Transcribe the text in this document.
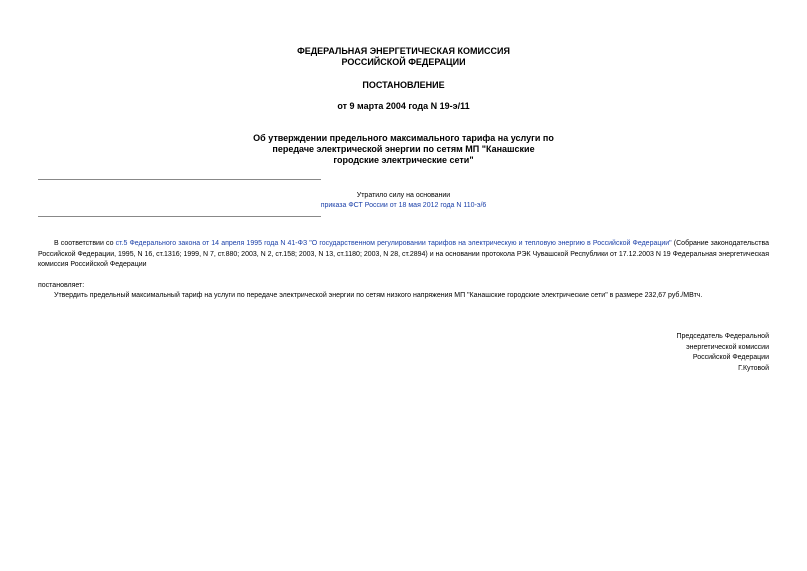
ФЕДЕРАЛЬНАЯ ЭНЕРГЕТИЧЕСКАЯ КОМИССИЯ
РОССИЙСКОЙ ФЕДЕРАЦИИ
ПОСТАНОВЛЕНИЕ
от 9 марта 2004 года N 19-э/11
Об утверждении предельного максимального тарифа на услуги по
передаче электрической энергии по сетям МП "Канашские
городские электрические сети"
Утратило силу на основании
приказа ФСТ России от 18 мая 2012 года N 110-э/6
В соответствии со ст.5 Федерального закона от 14 апреля 1995 года N 41-ФЗ "О государственном регулировании тарифов на электрическую и тепловую энергию в Российской Федерации" (Собрание законодательства Российской Федерации, 1995, N 16, ст.1316; 1999, N 7, ст.880; 2003, N 2, ст.158; 2003, N 13, ст.1180; 2003, N 28, ст.2894) и на основании протокола РЭК Чувашской Республики от 17.12.2003 N 19 Федеральная энергетическая комиссия Российской Федерации
постановляет:
Утвердить предельный максимальный тариф на услуги по передаче электрической энергии по сетям низкого напряжения МП "Канашские городские электрические сети" в размере 232,67 руб./МВтч.

Председатель Федеральной

энергетической комиссии

Российской Федерации

Г.Кутовой
